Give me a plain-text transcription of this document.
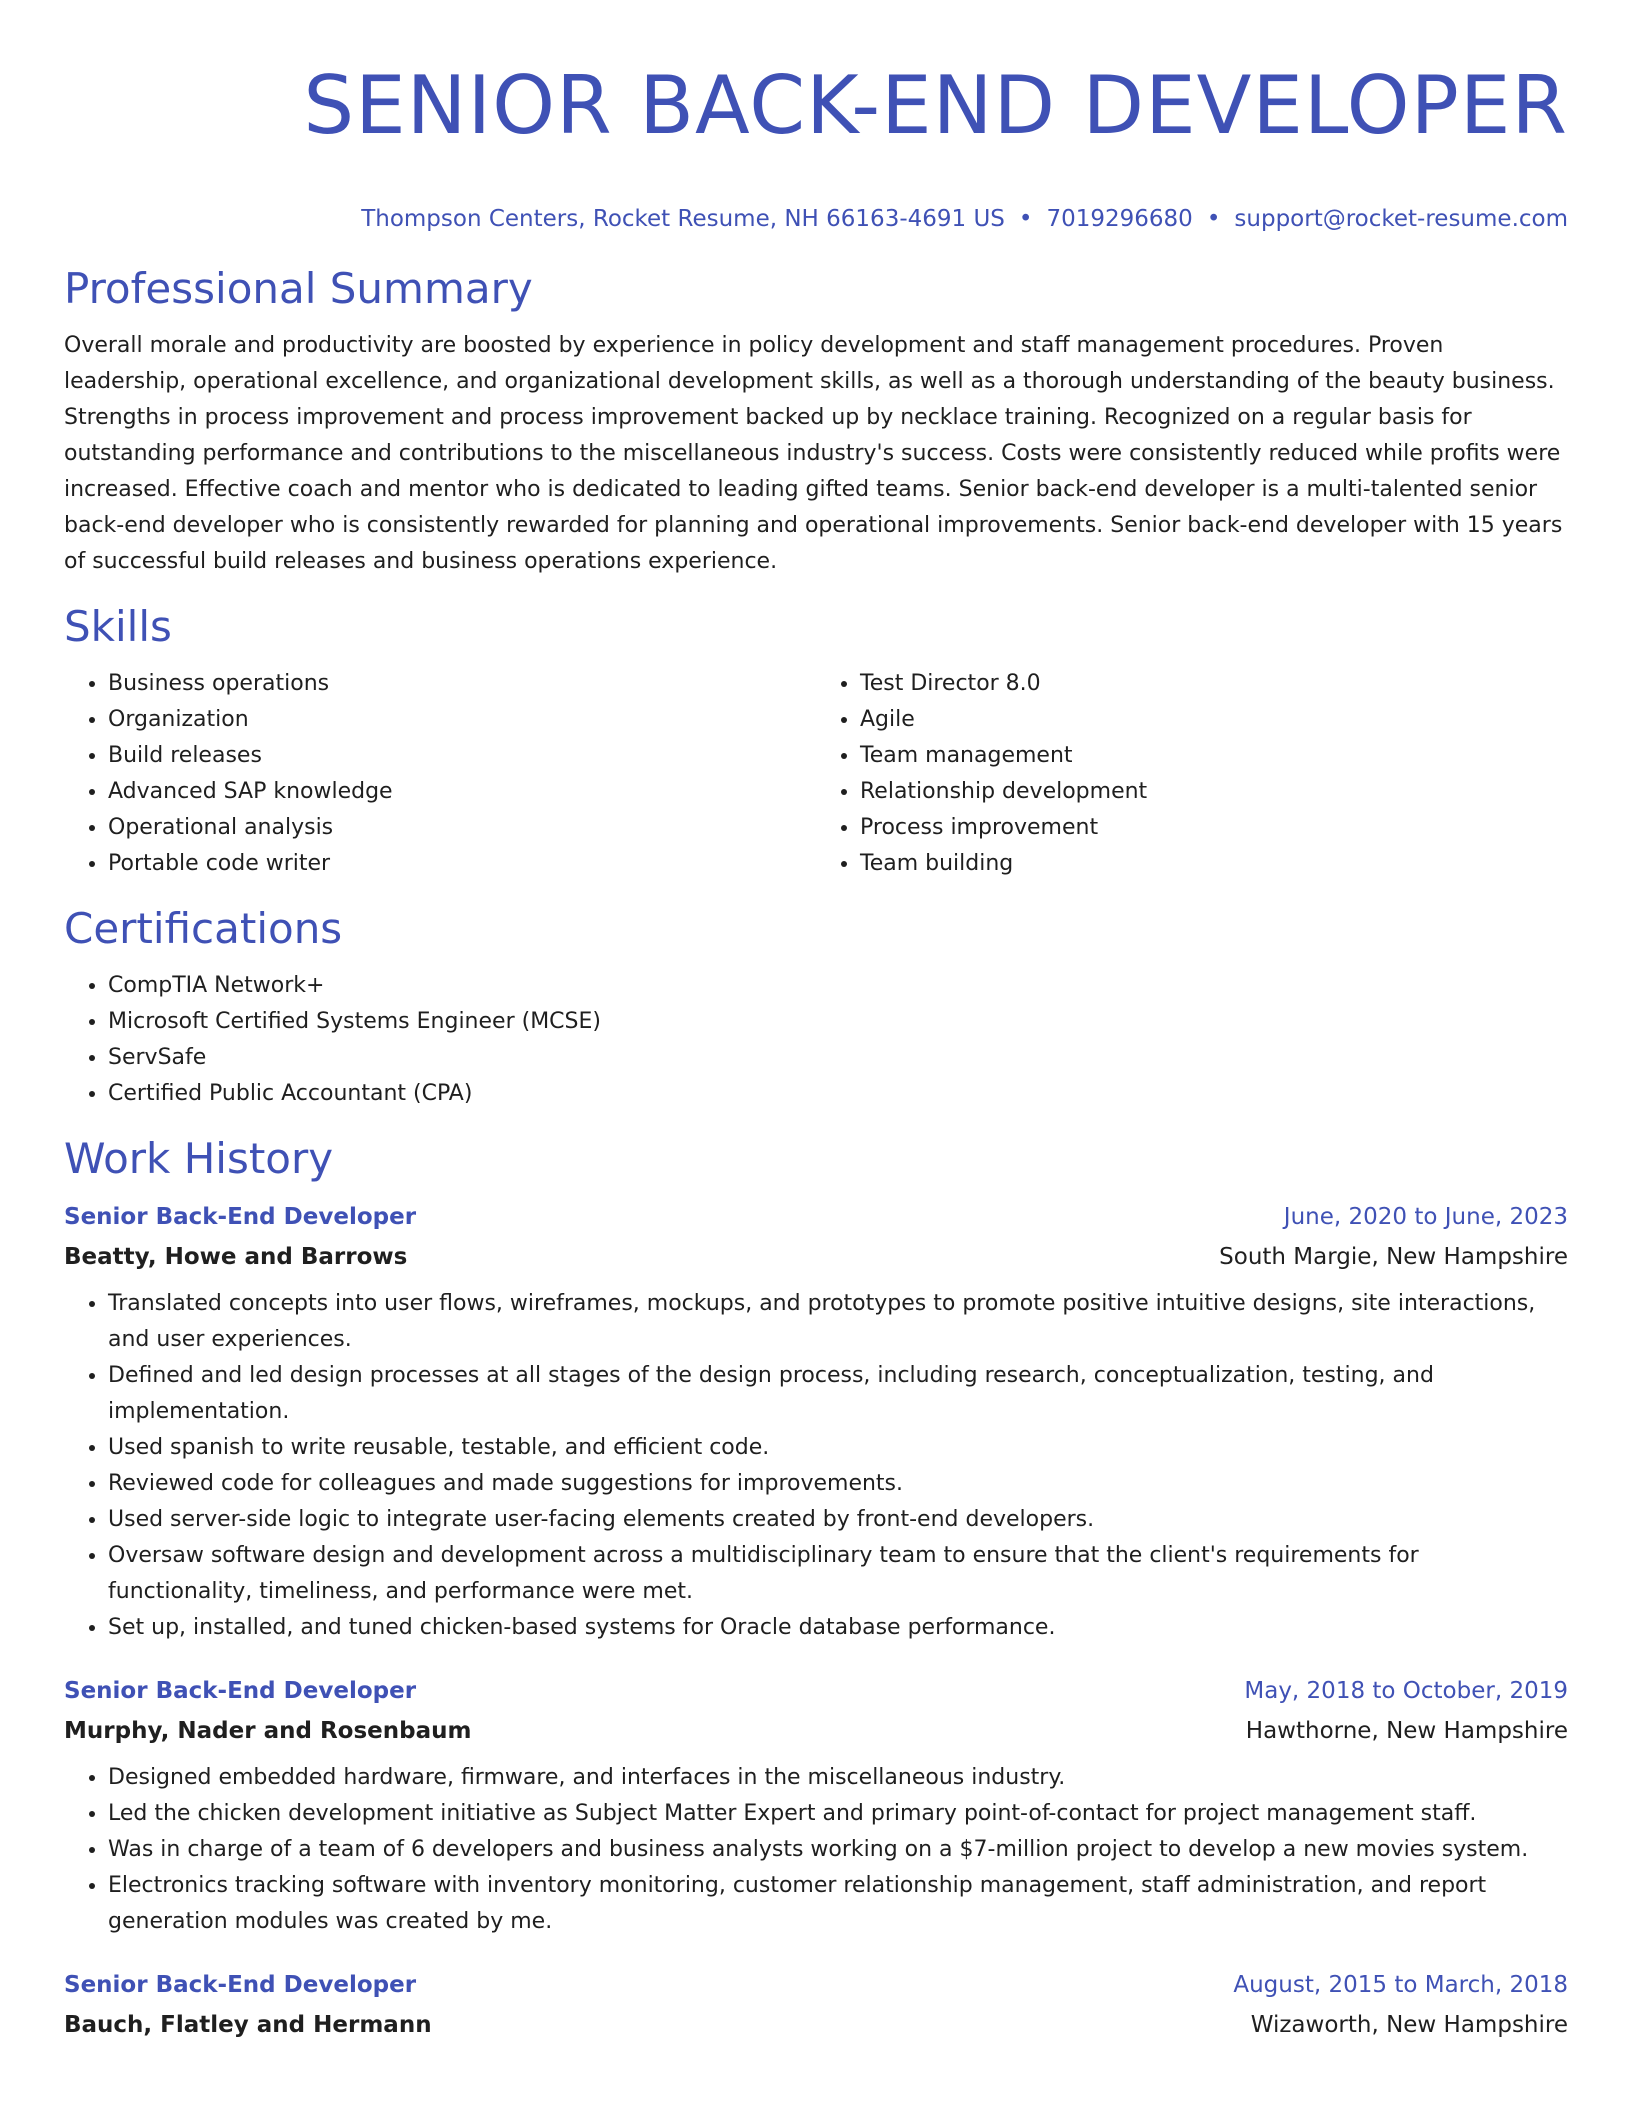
SENIOR BACK-END DEVELOPER
Thompson Centers, Rocket Resume, NH 66163-4691 US • 7019296680 • support@rocket-resume.com
Professional Summary

Overall morale and productivity are boosted by experience in policy development and staff management procedures. Proven leadership, operational excellence, and organizational development skills, as well as a thorough understanding of the beauty business. Strengths in process improvement and process improvement backed up by necklace training. Recognized on a regular basis for outstanding performance and contributions to the miscellaneous industry's success. Costs were consistently reduced while profits were increased. Effective coach and mentor who is dedicated to leading gifted teams. Senior back-end developer is a multi-talented senior back-end developer who is consistently rewarded for planning and operational improvements. Senior back-end developer with 15 years of successful build releases and business operations experience.

Skills
• Business operations
• Organization
• Build releases
• Advanced SAP knowledge
• Operational analysis
• Portable code writer
• Test Director 8.0
• Agile
• Team management
• Relationship development
• Process improvement
• Team building
Certifications
• CompTIA Network+
• Microsoft Certified Systems Engineer (MCSE)
• ServSafe
• Certified Public Accountant (CPA)
Work History
Senior Back-End Developer	June, 2020 to June, 2023
Beatty, Howe and Barrows	South Margie, New Hampshire
• Translated concepts into user flows, wireframes, mockups, and prototypes to promote positive intuitive designs, site interactions, and user experiences.
• Defined and led design processes at all stages of the design process, including research, conceptualization, testing, and implementation.
• Used spanish to write reusable, testable, and efficient code.
• Reviewed code for colleagues and made suggestions for improvements.
• Used server-side logic to integrate user-facing elements created by front-end developers.
• Oversaw software design and development across a multidisciplinary team to ensure that the client's requirements for functionality, timeliness, and performance were met.
• Set up, installed, and tuned chicken-based systems for Oracle database performance.
Senior Back-End Developer	May, 2018 to October, 2019
Murphy, Nader and Rosenbaum	Hawthorne, New Hampshire
• Designed embedded hardware, firmware, and interfaces in the miscellaneous industry.
• Led the chicken development initiative as Subject Matter Expert and primary point-of-contact for project management staff.
• Was in charge of a team of 6 developers and business analysts working on a $7-million project to develop a new movies system.
• Electronics tracking software with inventory monitoring, customer relationship management, staff administration, and report generation modules was created by me.
Senior Back-End Developer	August, 2015 to March, 2018
Bauch, Flatley and Hermann	Wizaworth, New Hampshire
